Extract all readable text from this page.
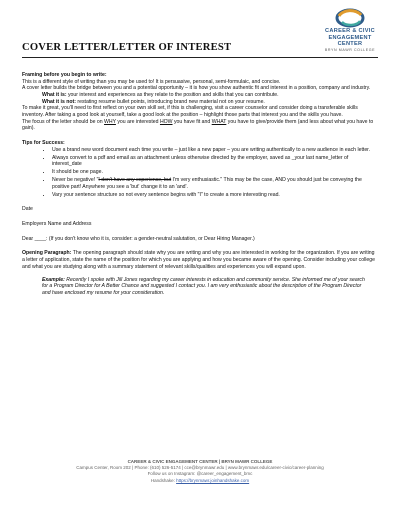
CAREER & CIVIC
ENGAGEMENT
CENTER
BRYN MAWR COLLEGE
COVER LETTER/LETTER OF INTEREST

Framing before you begin to write:

This is a different style of writing than you may be used to! It is persuasive, personal, semi-formulaic, and concise.

A cover letter builds the bridge between you and a potential opportunity – it is how you show authentic fit and interest in a position, company and industry.

What it is: your interest and experiences as they relate to the position and skills that you can contribute.

What it is not: restating resume bullet points, introducing brand new material not on your resume.

To make it great, you'll need to first reflect on your own skill set, if this is challenging, visit a career counselor and consider doing a transferable skills inventory. After taking a good look at yourself, take a good look at the position – highlight those parts that interest you and the skills you have.

The focus of the letter should be on WHY you are interested HOW you have fit and WHAT you have to give/provide them (and less about what you have to gain).

Tips for Success:

• Use a brand new word document each time you write – just like a new paper – you are writing authentically to a new audience in each letter.
• Always convert to a pdf and email as an attachment unless otherwise directed by the employer, saved as _your last name_letter of interest_date
• It should be one page.
• Never be negative! "I don't have any experience, but I'm very enthusiastic." This may be the case, AND you should just be conveying the positive part! Anywhere you see a 'but' change it to an 'and'.
• Vary your sentence structure so not every sentence begins with "I" to create a more interesting read.

Date

Employers Name and Address

Dear ____: (If you don't know who it is, consider: a gender-neutral salutation, or Dear Hiring Manager.)

Opening Paragraph: The opening paragraph should state why you are writing and why you are interested in working for the organization. If you are writing a letter of application, state the name of the position for which you are applying and how you became aware of the opening. Consider including your college and what you are studying along with a summary statement of relevant skills/qualities and experiences you will expand upon.

Example: Recently I spoke with Jill Jones regarding my career interests in education and community service. She informed me of your search for a Program Director for A Better Chance and suggested I contact you. I am very enthusiastic about the description of the Program Director and have enclosed my resume for your consideration.

CAREER & CIVIC ENGAGEMENT CENTER | BRYN MAWR COLLEGE
Campus Center, Room 202 | Phone: (610) 526-5174 | cce@brynmawr.edu | www.brynmawr.edu/career-civic/career-planning
Follow us on Instagram: @career_engagement_bmc
Handshake: https://brynmawr.joinhandshake.com
